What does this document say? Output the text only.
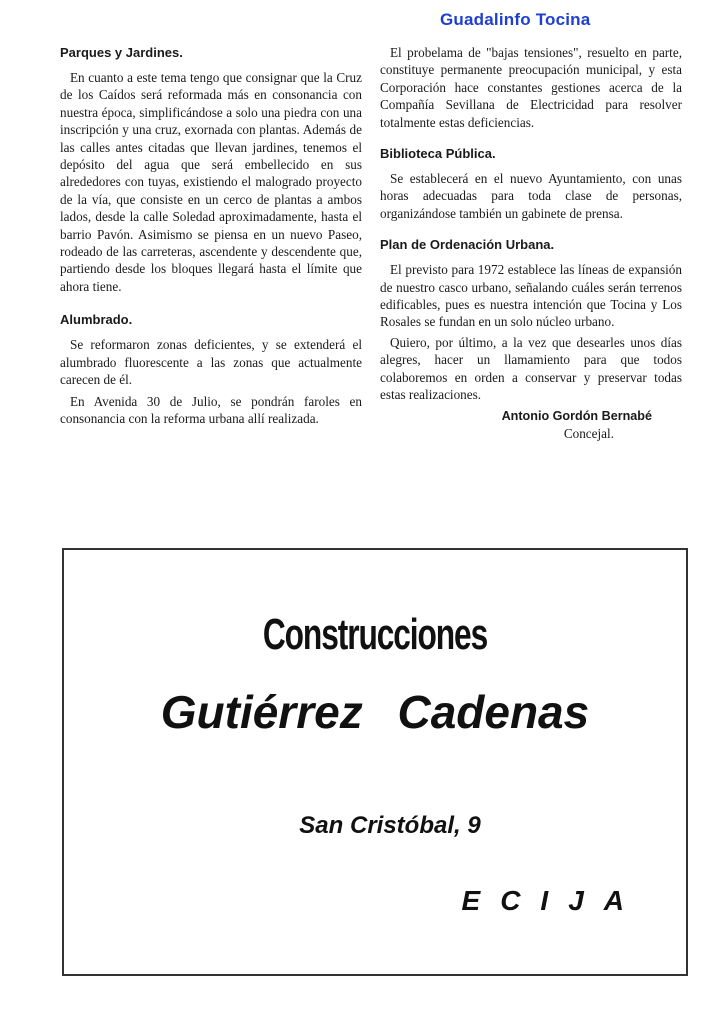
Guadalinfo Tocina
Parques y Jardines.

En cuanto a este tema tengo que consignar que la Cruz de los Caídos será reformada más en consonancia con nuestra época, simplificándose a solo una piedra con una inscripción y una cruz, exornada con plantas. Además de las calles antes citadas que llevan jardines, tenemos el depósito del agua que será embellecido en sus alrededores con tuyas, existiendo el malogrado proyecto de la vía, que consiste en un cerco de plantas a ambos lados, desde la calle Soledad aproximadamente, hasta el barrio Pavón. Asimismo se piensa en un nuevo Paseo, rodeado de las carreteras, ascendente y descendente que, partiendo desde los bloques llegará hasta el límite que ahora tiene.

Alumbrado.

Se reformaron zonas deficientes, y se extenderá el alumbrado fluorescente a las zonas que actualmente carecen de él.

En Avenida 30 de Julio, se pondrán faroles en consonancia con la reforma urbana allí realizada.

El probelama de "bajas tensiones", resuelto en parte, constituye permanente preocupación municipal, y esta Corporación hace constantes gestiones acerca de la Compañía Sevillana de Electricidad para resolver totalmente estas deficiencias.

Biblioteca Pública.

Se establecerá en el nuevo Ayuntamiento, con unas horas adecuadas para toda clase de personas, organizándose también un gabinete de prensa.

Plan de Ordenación Urbana.

El previsto para 1972 establece las líneas de expansión de nuestro casco urbano, señalando cuáles serán terrenos edificables, pues es nuestra intención que Tocina y Los Rosales se fundan en un solo núcleo urbano.

Quiero, por último, a la vez que desearles unos días alegres, hacer un llamamiento para que todos colaboremos en orden a conservar y preservar todas estas realizaciones.

Antonio Gordón Bernabé
Concejal.
Construcciones
Gutiérrez Cadenas
San Cristóbal, 9
ECIJA
